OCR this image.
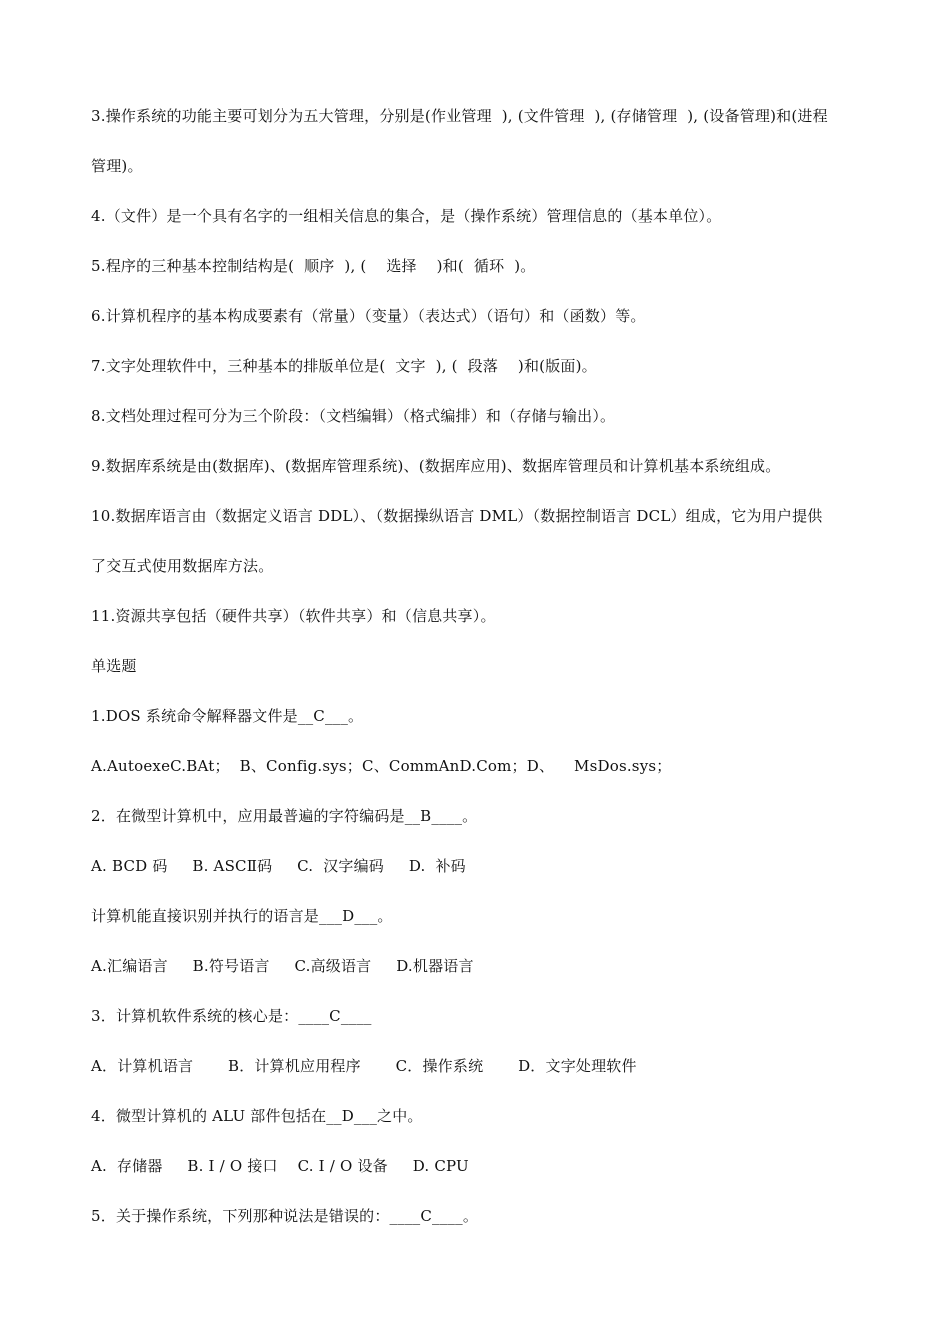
3.操作系统的功能主要可划分为五大管理，分别是(作业管理  ), (文件管理  ), (存储管理  ), (设备管理)和(进程
管理)。
4.（文件）是一个具有名字的一组相关信息的集合，是（操作系统）管理信息的（基本单位）。
5.程序的三种基本控制结构是(  顺序  ), (    选择    )和(  循环  )。
6.计算机程序的基本构成要素有（常量）（变量）（表达式）（语句）和（函数）等。
7.文字处理软件中，三种基本的排版单位是(  文字  ), (  段落    )和(版面)。
8.文档处理过程可分为三个阶段：（文档编辑）（格式编排）和（存储与输出）。
9.数据库系统是由(数据库)、(数据库管理系统)、(数据库应用)、数据库管理员和计算机基本系统组成。
10.数据库语言由（数据定义语言 DDL）、（数据操纵语言 DML）（数据控制语言 DCL）组成，它为用户提供
了交互式使用数据库方法。
11.资源共享包括（硬件共享）（软件共享）和（信息共享）。
单选题
1.DOS 系统命令解释器文件是__C___。
A.AutoexeC.BAt；  B、Config.sys；C、CommAnD.Com；D、    MsDos.sys；
2．在微型计算机中，应用最普遍的字符编码是__B____。
A. BCD 码     B. ASCⅡ码     C.  汉字编码     D.  补码
计算机能直接识别并执行的语言是___D___。
A.汇编语言     B.符号语言     C.高级语言     D.机器语言
3．计算机软件系统的核心是：____C____
A．计算机语言       B．计算机应用程序       C．操作系统       D．文字处理软件
4．微型计算机的 ALU 部件包括在__D___之中。
A.  存储器     B. I / O 接口    C. I / O 设备     D. CPU
5．关于操作系统，下列那种说法是错误的：____C____。
